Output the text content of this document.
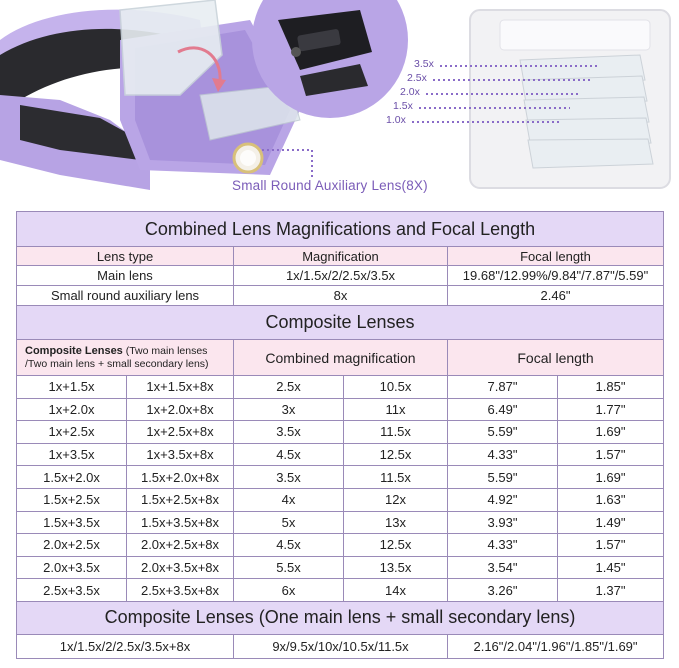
3.5x
2.5x
2.0x
1.5x
1.0x
Small Round Auxiliary Lens(8X)
Combined Lens Magnifications and Focal Length					
Lens type		Magnification		Focal length	
Main lens		1x/1.5x/2/2.5x/3.5x		19.68"/12.99%/9.84"/7.87"/5.59"	
Small round auxiliary lens		8x		2.46"	
Composite Lenses					
Composite Lenses (Two main lenses /Two main lens + small secondary lens)		Combined magnification		Focal length	
1x+1.5x	1x+1.5x+8x	2.5x	10.5x	7.87"	1.85"
1x+2.0x	1x+2.0x+8x	3x	11x	6.49"	1.77"
1x+2.5x	1x+2.5x+8x	3.5x	11.5x	5.59"	1.69"
1x+3.5x	1x+3.5x+8x	4.5x	12.5x	4.33"	1.57"
1.5x+2.0x	1.5x+2.0x+8x	3.5x	11.5x	5.59"	1.69"
1.5x+2.5x	1.5x+2.5x+8x	4x	12x	4.92"	1.63"
1.5x+3.5x	1.5x+3.5x+8x	5x	13x	3.93"	1.49"
2.0x+2.5x	2.0x+2.5x+8x	4.5x	12.5x	4.33"	1.57"
2.0x+3.5x	2.0x+3.5x+8x	5.5x	13.5x	3.54"	1.45"
2.5x+3.5x	2.5x+3.5x+8x	6x	14x	3.26"	1.37"
Composite Lenses (One main lens + small secondary lens)					
1x/1.5x/2/2.5x/3.5x+8x		9x/9.5x/10x/10.5x/11.5x		2.16"/2.04"/1.96"/1.85"/1.69"	
